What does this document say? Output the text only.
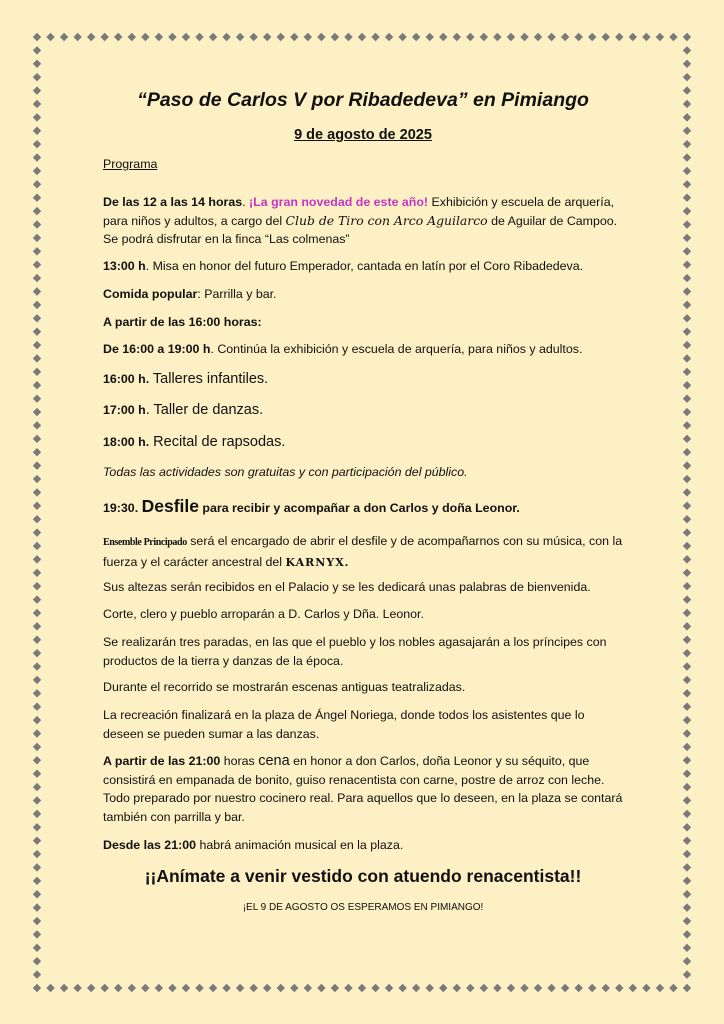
“Paso de Carlos V por Ribadedeva” en Pimiango

9 de agosto de 2025

Programa

De las 12 a las 14 horas. ¡La gran novedad de este año! Exhibición y escuela de arquería, para niños y adultos, a cargo del Club de Tiro con Arco Aguilarco de Aguilar de Campoo. Se podrá disfrutar en la finca “Las colmenas”

13:00 h. Misa en honor del futuro Emperador, cantada en latín por el Coro Ribadedeva.

Comida popular: Parrilla y bar.

A partir de las 16:00 horas:

De 16:00 a 19:00 h. Continúa la exhibición y escuela de arquería, para niños y adultos.

16:00 h. Talleres infantiles.

17:00 h. Taller de danzas.

18:00 h. Recital de rapsodas.

Todas las actividades son gratuitas y con participación del público.

19:30. Desfile para recibir y acompañar a don Carlos y doña Leonor.

Ensemble Principado será el encargado de abrir el desfile y de acompañarnos con su música, con la fuerza y el carácter ancestral del KARNYX.

Sus altezas serán recibidos en el Palacio y se les dedicará unas palabras de bienvenida.

Corte, clero y pueblo arroparán a D. Carlos y Dña. Leonor.

Se realizarán tres paradas, en las que el pueblo y los nobles agasajarán a los príncipes con productos de la tierra y danzas de la época.

Durante el recorrido se mostrarán escenas antiguas teatralizadas.

La recreación finalizará en la plaza de Ángel Noriega, donde todos los asistentes que lo deseen se pueden sumar a las danzas.

A partir de las 21:00 horas cena en honor a don Carlos, doña Leonor y su séquito, que consistirá en empanada de bonito, guiso renacentista con carne, postre de arroz con leche. Todo preparado por nuestro cocinero real. Para aquellos que lo deseen, en la plaza se contará también con parrilla y bar.

Desde las 21:00 habrá animación musical en la plaza.

¡¡Anímate a venir vestido con atuendo renacentista!!

¡EL 9 DE AGOSTO OS ESPERAMOS EN PIMIANGO!
